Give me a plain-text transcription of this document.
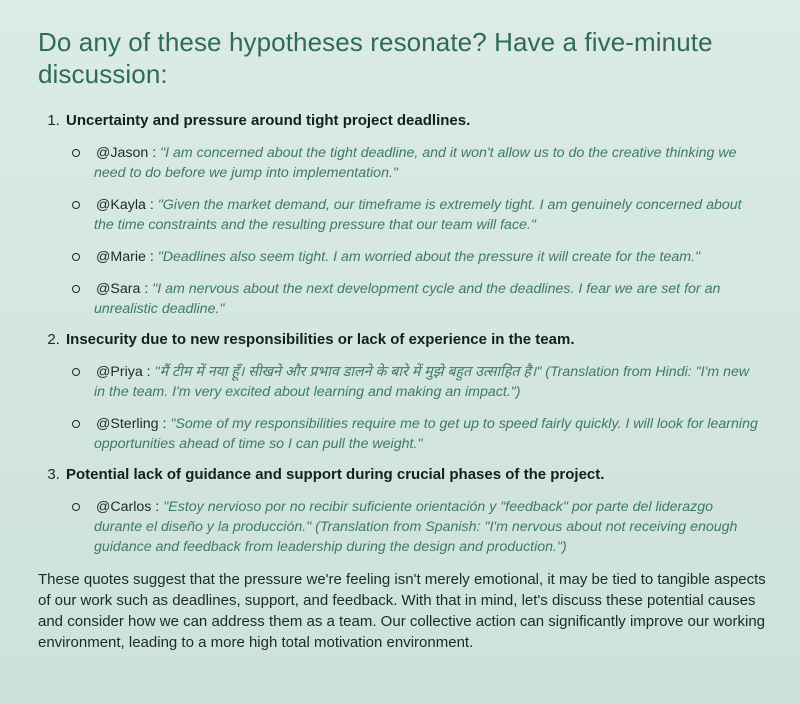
Do any of these hypotheses resonate? Have a five-minute discussion:
1. Uncertainty and pressure around tight project deadlines.
@Jason : "I am concerned about the tight deadline, and it won't allow us to do the creative thinking we need to do before we jump into implementation."
@Kayla : "Given the market demand, our timeframe is extremely tight. I am genuinely concerned about the time constraints and the resulting pressure that our team will face."
@Marie : "Deadlines also seem tight. I am worried about the pressure it will create for the team."
@Sara : "I am nervous about the next development cycle and the deadlines. I fear we are set for an unrealistic deadline."
2. Insecurity due to new responsibilities or lack of experience in the team.
@Priya : "मैं टीम में नया हूँ। सीखने और प्रभाव डालने के बारे में मुझे बहुत उत्साहित है।" (Translation from Hindi: "I'm new in the team. I'm very excited about learning and making an impact.")
@Sterling : "Some of my responsibilities require me to get up to speed fairly quickly. I will look for learning opportunities ahead of time so I can pull the weight."
3. Potential lack of guidance and support during crucial phases of the project.
@Carlos : "Estoy nervioso por no recibir suficiente orientación y "feedback" por parte del liderazgo durante el diseño y la producción." (Translation from Spanish: "I'm nervous about not receiving enough guidance and feedback from leadership during the design and production.")

These quotes suggest that the pressure we're feeling isn't merely emotional, it may be tied to tangible aspects of our work such as deadlines, support, and feedback. With that in mind, let's discuss these potential causes and consider how we can address them as a team. Our collective action can significantly improve our working environment, leading to a more high total motivation environment.
